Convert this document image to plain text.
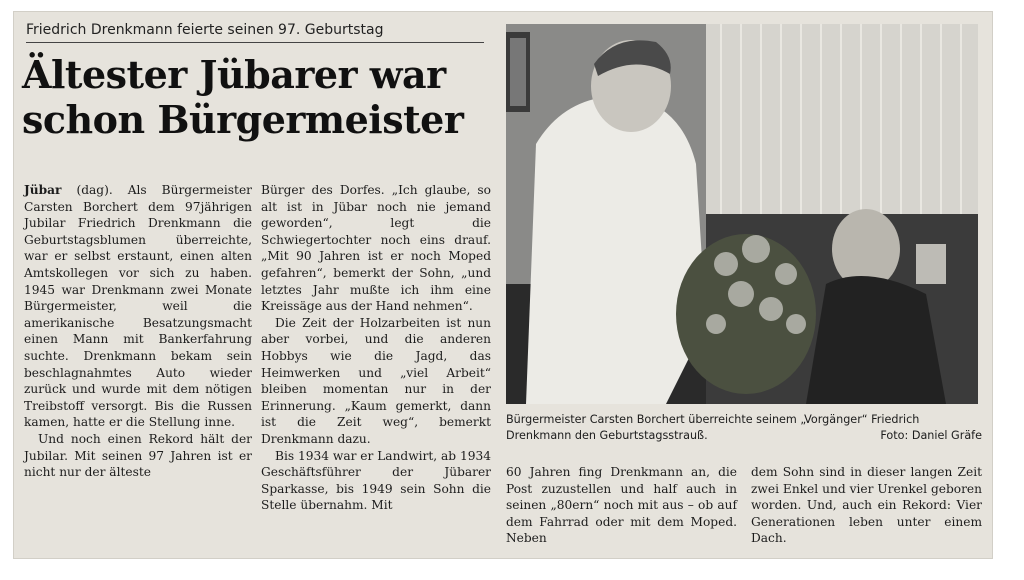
Friedrich Drenkmann feierte seinen 97. Geburtstag
Ältester Jübarer war
schon Bürgermeister

Jübar (dag). Als Bürgermeister Carsten Borchert dem 97jährigen Jubilar Friedrich Drenkmann die Geburtstagsblumen überreichte, war er selbst erstaunt, einen alten Amtskollegen vor sich zu haben. 1945 war Drenkmann zwei Monate Bürgermeister, weil die amerikanische Besatzungsmacht einen Mann mit Bankerfahrung suchte. Drenkmann bekam sein beschlagnahmtes Auto wieder zurück und wurde mit dem nötigen Treibstoff versorgt. Bis die Russen kamen, hatte er die Stellung inne.

Und noch einen Rekord hält der Jubilar. Mit seinen 97 Jahren ist er nicht nur der älteste

Bürger des Dorfes. „Ich glaube, so alt ist in Jübar noch nie jemand geworden“, legt die Schwiegertochter noch eins drauf. „Mit 90 Jahren ist er noch Moped gefahren“, bemerkt der Sohn, „und letztes Jahr mußte ich ihm eine Kreissäge aus der Hand nehmen“.

Die Zeit der Holzarbeiten ist nun aber vorbei, und die anderen Hobbys wie die Jagd, das Heimwerken und „viel Arbeit“ bleiben momentan nur in der Erinnerung. „Kaum gemerkt, dann ist die Zeit weg“, bemerkt Drenkmann dazu.

Bis 1934 war er Landwirt, ab 1934 Geschäftsführer der Jübarer Sparkasse, bis 1949 sein Sohn die Stelle übernahm. Mit

Bürgermeister Carsten Borchert überreichte seinem „Vorgänger“ Friedrich Drenkmann den Geburtstagsstrauß.	Foto: Daniel Gräfe

60 Jahren fing Drenkmann an, die Post zuzustellen und half auch in seinen „80ern“ noch mit aus – ob auf dem Fahrrad oder mit dem Moped. Neben

dem Sohn sind in dieser langen Zeit zwei Enkel und vier Urenkel geboren worden. Und, auch ein Rekord: Vier Generationen leben unter einem Dach.
